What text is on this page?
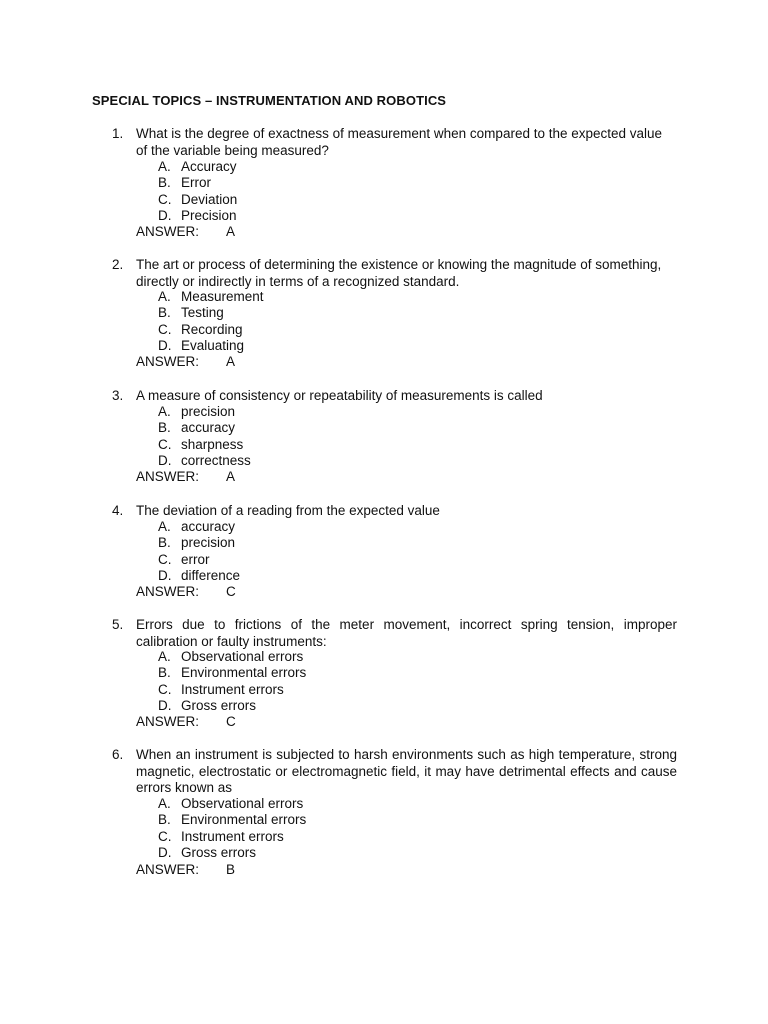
SPECIAL TOPICS – INSTRUMENTATION AND ROBOTICS
1. What is the degree of exactness of measurement when compared to the expected value of the variable being measured?
A. Accuracy
B. Error
C. Deviation
D. Precision
ANSWER: A
2. The art or process of determining the existence or knowing the magnitude of something, directly or indirectly in terms of a recognized standard.
A. Measurement
B. Testing
C. Recording
D. Evaluating
ANSWER: A
3. A measure of consistency or repeatability of measurements is called
A. precision
B. accuracy
C. sharpness
D. correctness
ANSWER: A
4. The deviation of a reading from the expected value
A. accuracy
B. precision
C. error
D. difference
ANSWER: C
5. Errors due to frictions of the meter movement, incorrect spring tension, improper calibration or faulty instruments:
A. Observational errors
B. Environmental errors
C. Instrument errors
D. Gross errors
ANSWER: C
6. When an instrument is subjected to harsh environments such as high temperature, strong magnetic, electrostatic or electromagnetic field, it may have detrimental effects and cause errors known as
A. Observational errors
B. Environmental errors
C. Instrument errors
D. Gross errors
ANSWER: B
